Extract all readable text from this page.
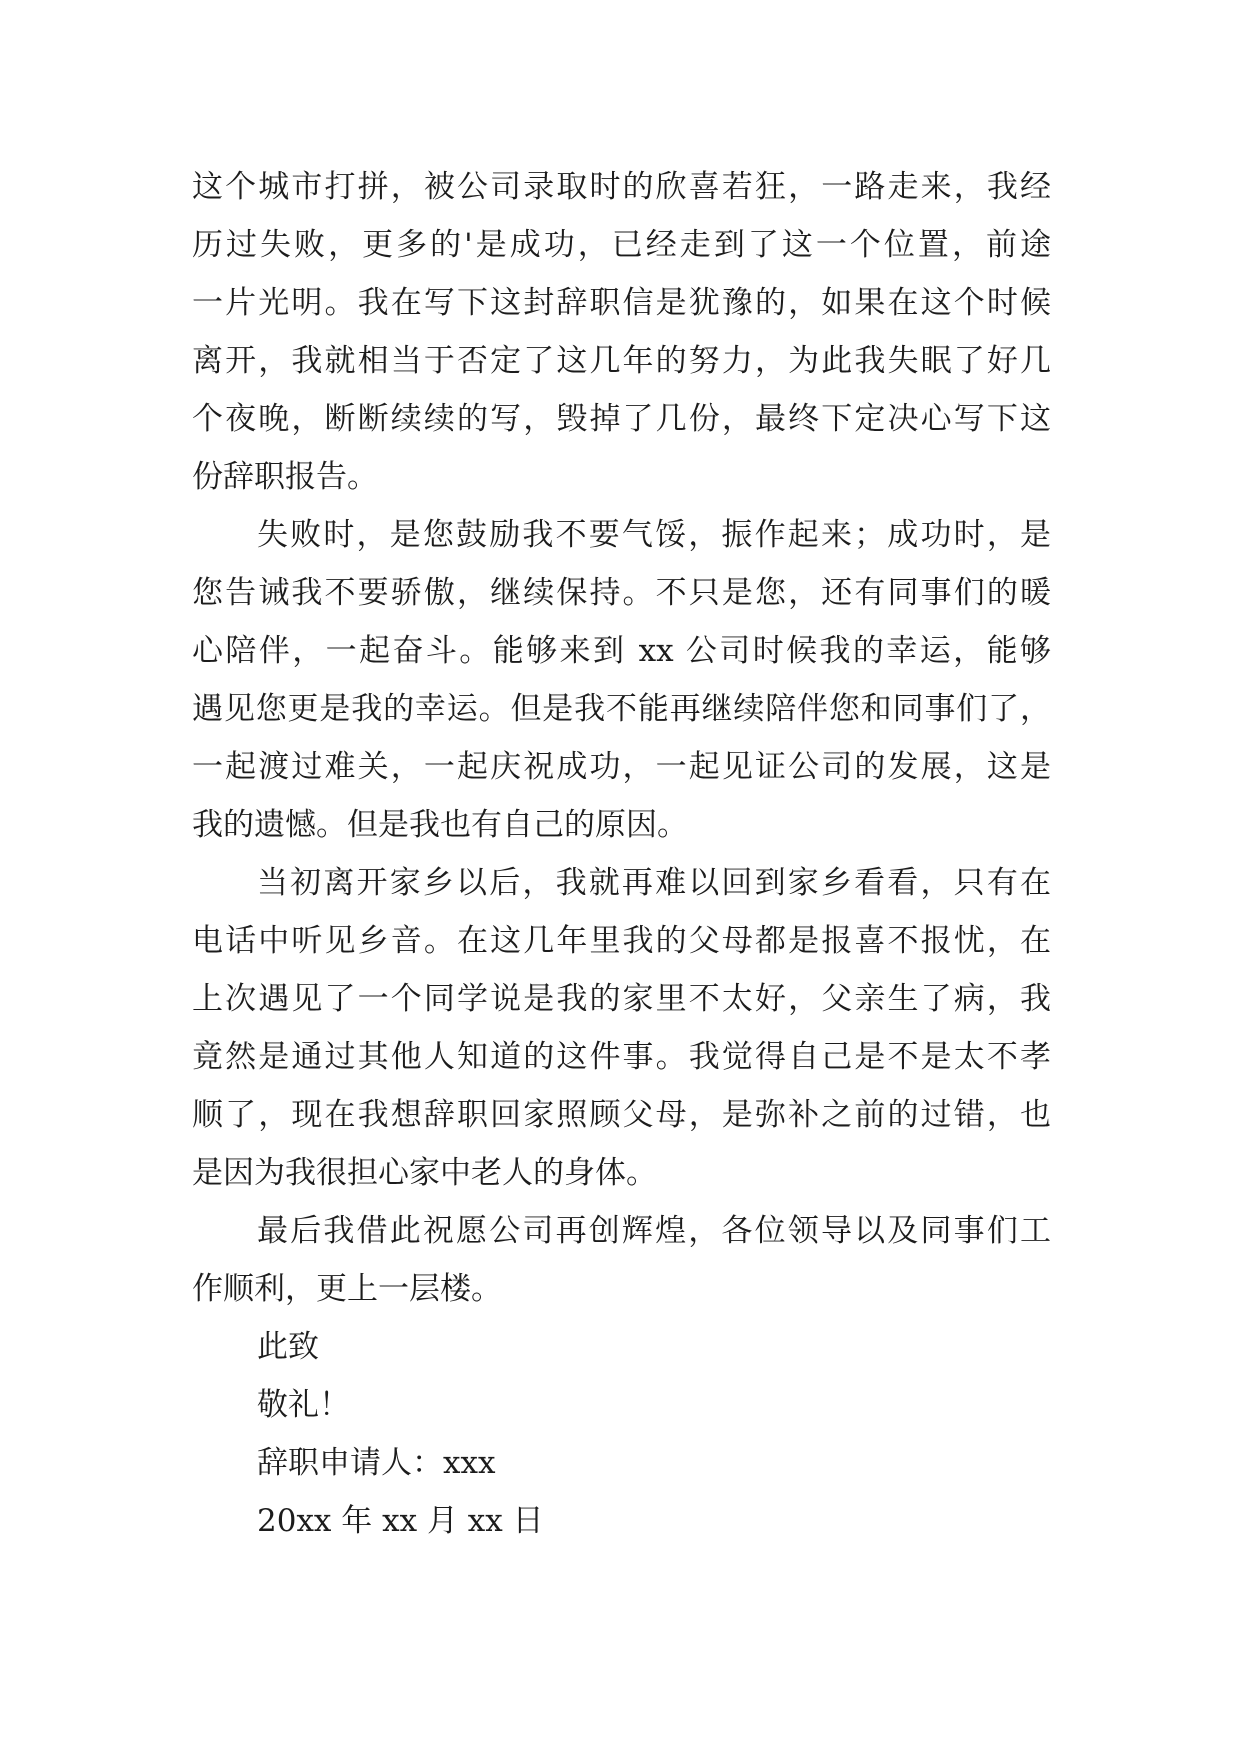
这个城市打拼，被公司录取时的欣喜若狂，一路走来，我经
历过失败，更多的'是成功，已经走到了这一个位置，前途
一片光明。我在写下这封辞职信是犹豫的，如果在这个时候
离开，我就相当于否定了这几年的努力，为此我失眠了好几
个夜晚，断断续续的写，毁掉了几份，最终下定决心写下这
份辞职报告。
失败时，是您鼓励我不要气馁，振作起来；成功时，是
您告诫我不要骄傲，继续保持。不只是您，还有同事们的暖
心陪伴，一起奋斗。能够来到 xx 公司时候我的幸运，能够
遇见您更是我的幸运。但是我不能再继续陪伴您和同事们了，
一起渡过难关，一起庆祝成功，一起见证公司的发展，这是
我的遗憾。但是我也有自己的原因。
当初离开家乡以后，我就再难以回到家乡看看，只有在
电话中听见乡音。在这几年里我的父母都是报喜不报忧，在
上次遇见了一个同学说是我的家里不太好，父亲生了病，我
竟然是通过其他人知道的这件事。我觉得自己是不是太不孝
顺了，现在我想辞职回家照顾父母，是弥补之前的过错，也
是因为我很担心家中老人的身体。
最后我借此祝愿公司再创辉煌，各位领导以及同事们工
作顺利，更上一层楼。
此致
敬礼！
辞职申请人：xxx
20xx 年 xx 月 xx 日
